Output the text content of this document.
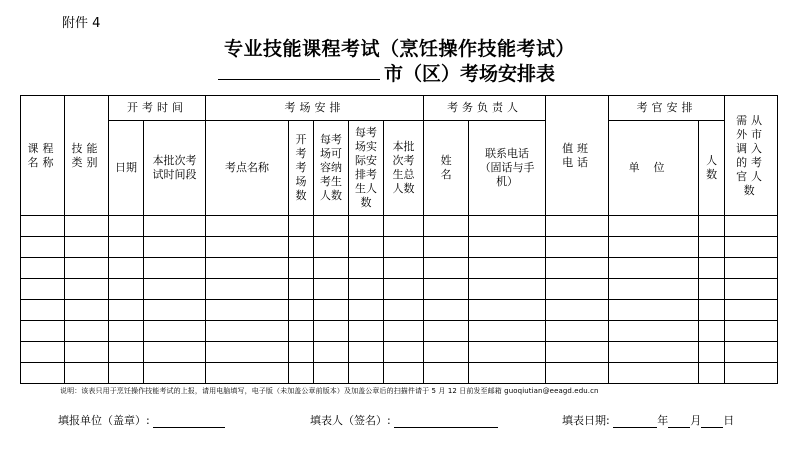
附件 4
专业技能课程考试（烹饪操作技能考试）
市（区）考场安排表
课程名称	技能类别	开考时间		考场安排					考务负责人		值班电话	考官安排		需从外市调入的考官人数
		日期	本批次考试时间段	考点名称	开考考场数	每考场可容纳考生人数	每考场实际安排考生人数	本批次考生总人数	姓名	联系电话（固话与手机）		单位	人数	

说明：该表只用于烹饪操作技能考试的上报，请用电脑填写，电子版（未加盖公章前版本）及加盖公章后的扫描件请于 5 月 12 日前发至邮箱 guoqiutian@eeagd.edu.cn
填报单位（盖章）:	填表人（签名）:	填表日期:	年 月 日
